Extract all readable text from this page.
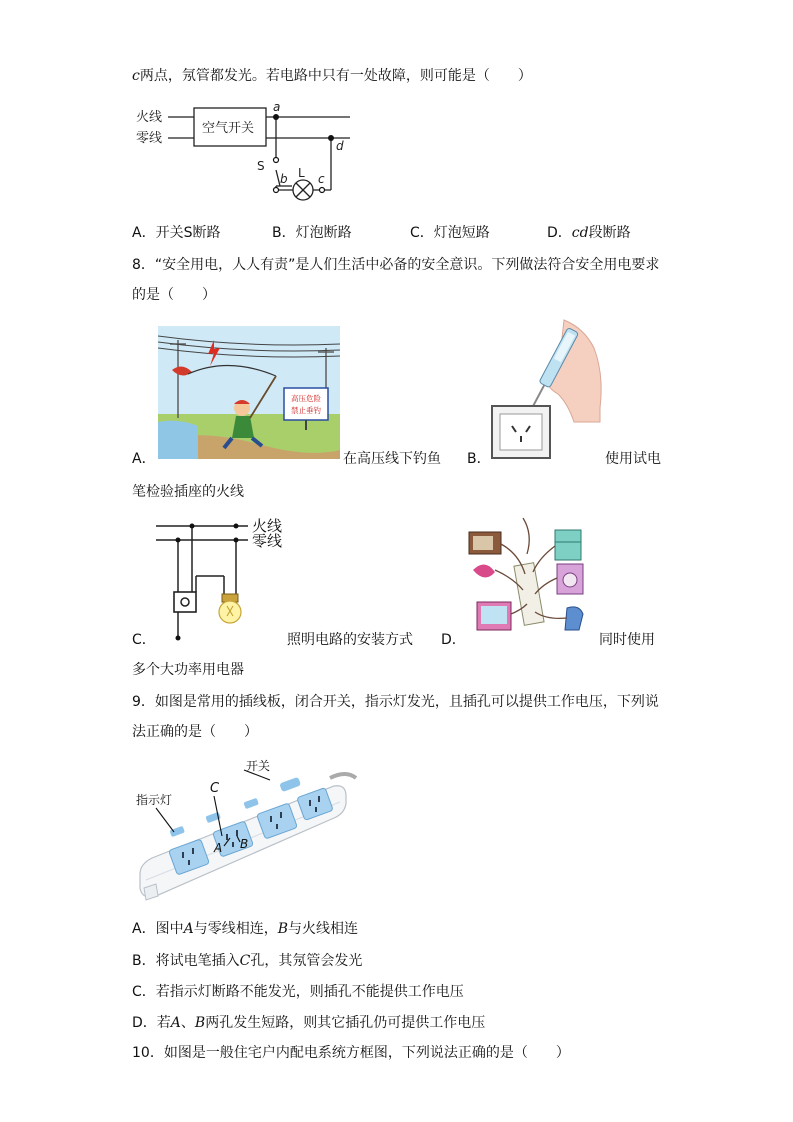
c两点，氖管都发光。若电路中只有一处故障，则可能是（　　）
火线
零线
空气开关
a
d
S	L
b	c
A．开关S断路	B．灯泡断路	C．灯泡短路	D．cd段断路
8．“安全用电，人人有责”是人们生活中必备的安全意识。下列做法符合安全用电要求
的是（　　）
高压危险
禁止垂钓
A．	在高压线下钓鱼 B．	使用试电
笔检验插座的火线
火线
零线
C．	照明电路的安装方式 D．	同时使用
多个大功率用电器
9．如图是常用的插线板，闭合开关，指示灯发光，且插孔可以提供工作电压，下列说
法正确的是（　　）
开关
指示灯
C
A B
A．图中A与零线相连，B与火线相连
B．将试电笔插入C孔，其氖管会发光
C．若指示灯断路不能发光，则插孔不能提供工作电压
D．若A、B两孔发生短路，则其它插孔仍可提供工作电压
10．如图是一般住宅户内配电系统方框图，下列说法正确的是（　　）
